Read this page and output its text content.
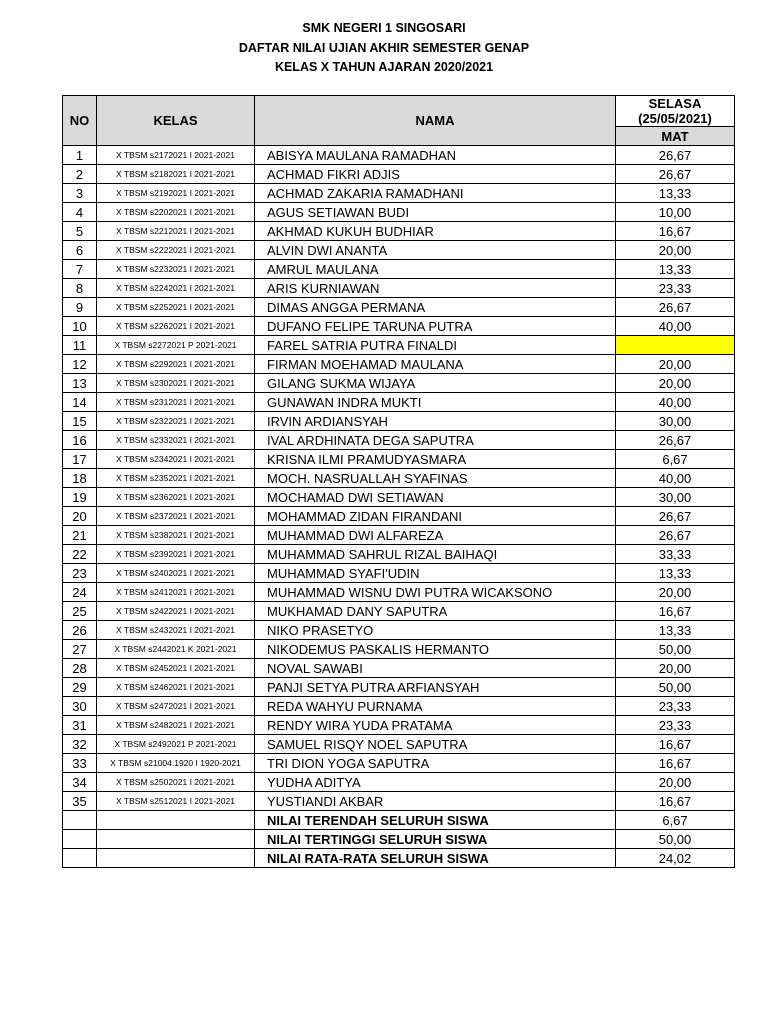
SMK NEGERI 1 SINGOSARI
DAFTAR NILAI UJIAN AKHIR SEMESTER GENAP
KELAS X TAHUN AJARAN 2020/2021
NO	KELAS	NAMA	SELASA (25/05/2021)
			MAT
1	X TBSM s2172021 I 2021-2021	ABISYA MAULANA RAMADHAN	26,67
2	X TBSM s2182021 I 2021-2021	ACHMAD FIKRI ADJIS	26,67
3	X TBSM s2192021 I 2021-2021	ACHMAD ZAKARIA RAMADHANI	13,33
4	X TBSM s2202021 I 2021-2021	AGUS SETIAWAN BUDI	10,00
5	X TBSM s2212021 I 2021-2021	AKHMAD KUKUH BUDHIAR	16,67
6	X TBSM s2222021 I 2021-2021	ALVIN DWI ANANTA	20,00
7	X TBSM s2232021 I 2021-2021	AMRUL MAULANA	13,33
8	X TBSM s2242021 I 2021-2021	ARIS KURNIAWAN	23,33
9	X TBSM s2252021 I 2021-2021	DIMAS ANGGA PERMANA	26,67
10	X TBSM s2262021 I 2021-2021	DUFANO FELIPE TARUNA PUTRA	40,00
11	X TBSM s2272021 P 2021-2021	FAREL SATRIA PUTRA FINALDI	
12	X TBSM s2292021 I 2021-2021	FIRMAN MOEHAMAD MAULANA	20,00
13	X TBSM s2302021 I 2021-2021	GILANG SUKMA WIJAYA	20,00
14	X TBSM s2312021 I 2021-2021	GUNAWAN INDRA MUKTI	40,00
15	X TBSM s2322021 I 2021-2021	IRVIN ARDIANSYAH	30,00
16	X TBSM s2332021 I 2021-2021	IVAL ARDHINATA DEGA SAPUTRA	26,67
17	X TBSM s2342021 I 2021-2021	KRISNA ILMI PRAMUDYASMARA	6,67
18	X TBSM s2352021 I 2021-2021	MOCH. NASRUALLAH SYAFINAS	40,00
19	X TBSM s2362021 I 2021-2021	MOCHAMAD DWI SETIAWAN	30,00
20	X TBSM s2372021 I 2021-2021	MOHAMMAD ZIDAN FIRANDANI	26,67
21	X TBSM s2382021 I 2021-2021	MUHAMMAD DWI ALFAREZA	26,67
22	X TBSM s2392021 I 2021-2021	MUHAMMAD SAHRUL RIZAL BAIHAQI	33,33
23	X TBSM s2402021 I 2021-2021	MUHAMMAD SYAFI'UDIN	13,33
24	X TBSM s2412021 I 2021-2021	MUHAMMAD WISNU DWI PUTRA WICAKSONO	20,00
25	X TBSM s2422021 I 2021-2021	MUKHAMAD DANY SAPUTRA	16,67
26	X TBSM s2432021 I 2021-2021	NIKO PRASETYO	13,33
27	X TBSM s2442021 K 2021-2021	NIKODEMUS PASKALIS HERMANTO	50,00
28	X TBSM s2452021 I 2021-2021	NOVAL SAWABI	20,00
29	X TBSM s2462021 I 2021-2021	PANJI SETYA PUTRA ARFIANSYAH	50,00
30	X TBSM s2472021 I 2021-2021	REDA WAHYU PURNAMA	23,33
31	X TBSM s2482021 I 2021-2021	RENDY WIRA YUDA PRATAMA	23,33
32	X TBSM s2492021 P 2021-2021	SAMUEL RISQY NOEL SAPUTRA	16,67
33	X TBSM s21004.1920 I 1920-2021	TRI DION YOGA SAPUTRA	16,67
34	X TBSM s2502021 I 2021-2021	YUDHA ADITYA	20,00
35	X TBSM s2512021 I 2021-2021	YUSTIANDI AKBAR	16,67
		NILAI TERENDAH SELURUH SISWA	6,67
		NILAI TERTINGGI SELURUH SISWA	50,00
		NILAI RATA-RATA SELURUH SISWA	24,02
